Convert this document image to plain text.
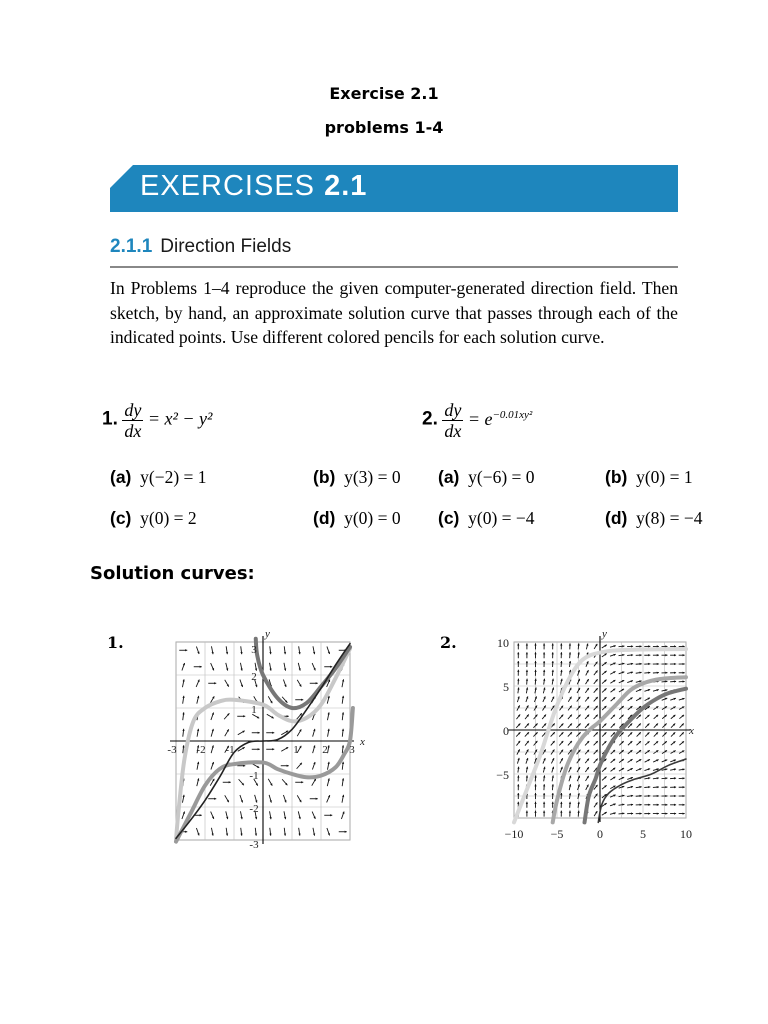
Exercise 2.1
problems 1-4
EXERCISES 2.1
2.1.1 Direction Fields
In Problems 1–4 reproduce the given computer-generated direction field. Then sketch, by hand, an approximate solution curve that passes through each of the indicated points. Use different colored pencils for each solution curve.
1. $\frac{dy}{dx} = x^2 - y^2$
(a) y(−2) = 1	(b) y(3) = 0
(c) y(0) = 2	(d) y(0) = 0
2. $\frac{dy}{dx} = e^{-0.01xy^2}$
(a) y(−6) = 0	(b) y(0) = 1
(c) y(0) = −4	(d) y(8) = −4
Solution curves:
1.	2.
-3 -2 -1	1 2 3
3
2
1
-1
-2
-3
x
y
−10 −5	0	5	10
10
5
0
−5
x
y
